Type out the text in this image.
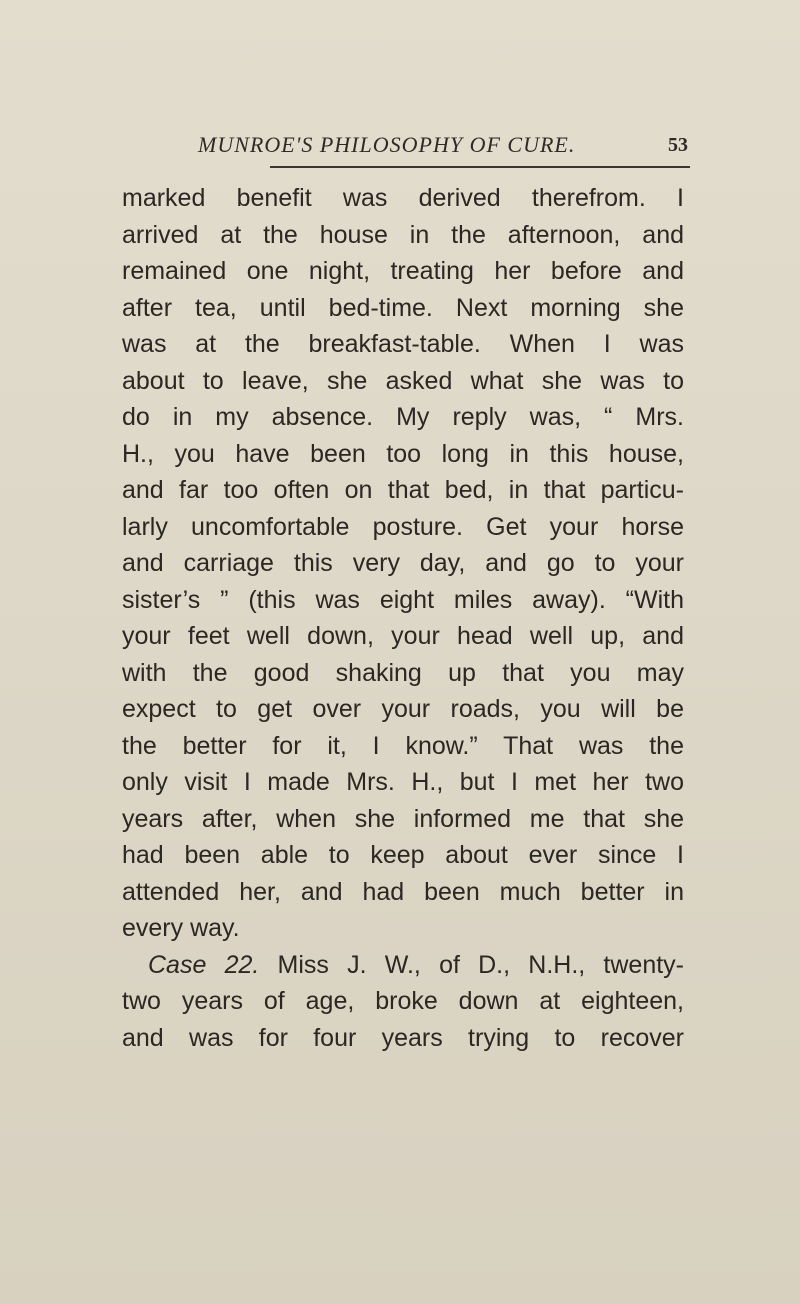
MUNROE'S PHILOSOPHY OF CURE.	53
marked benefit was derived therefrom. I
arrived at the house in the afternoon, and
remained one night, treating her before and
after tea, until bed-time. Next morning she
was at the breakfast-table. When I was
about to leave, she asked what she was to
do in my absence. My reply was, “ Mrs.
H., you have been too long in this house,
and far too often on that bed, in that particu-
larly uncomfortable posture. Get your horse
and carriage this very day, and go to your
sister’s ” (this was eight miles away). “With
your feet well down, your head well up, and
with the good shaking up that you may
expect to get over your roads, you will be
the better for it, I know.” That was the
only visit I made Mrs. H., but I met her two
years after, when she informed me that she
had been able to keep about ever since I
attended her, and had been much better in
every way.
Case 22. Miss J. W., of D., N.H., twenty-
two years of age, broke down at eighteen,
and was for four years trying to recover
